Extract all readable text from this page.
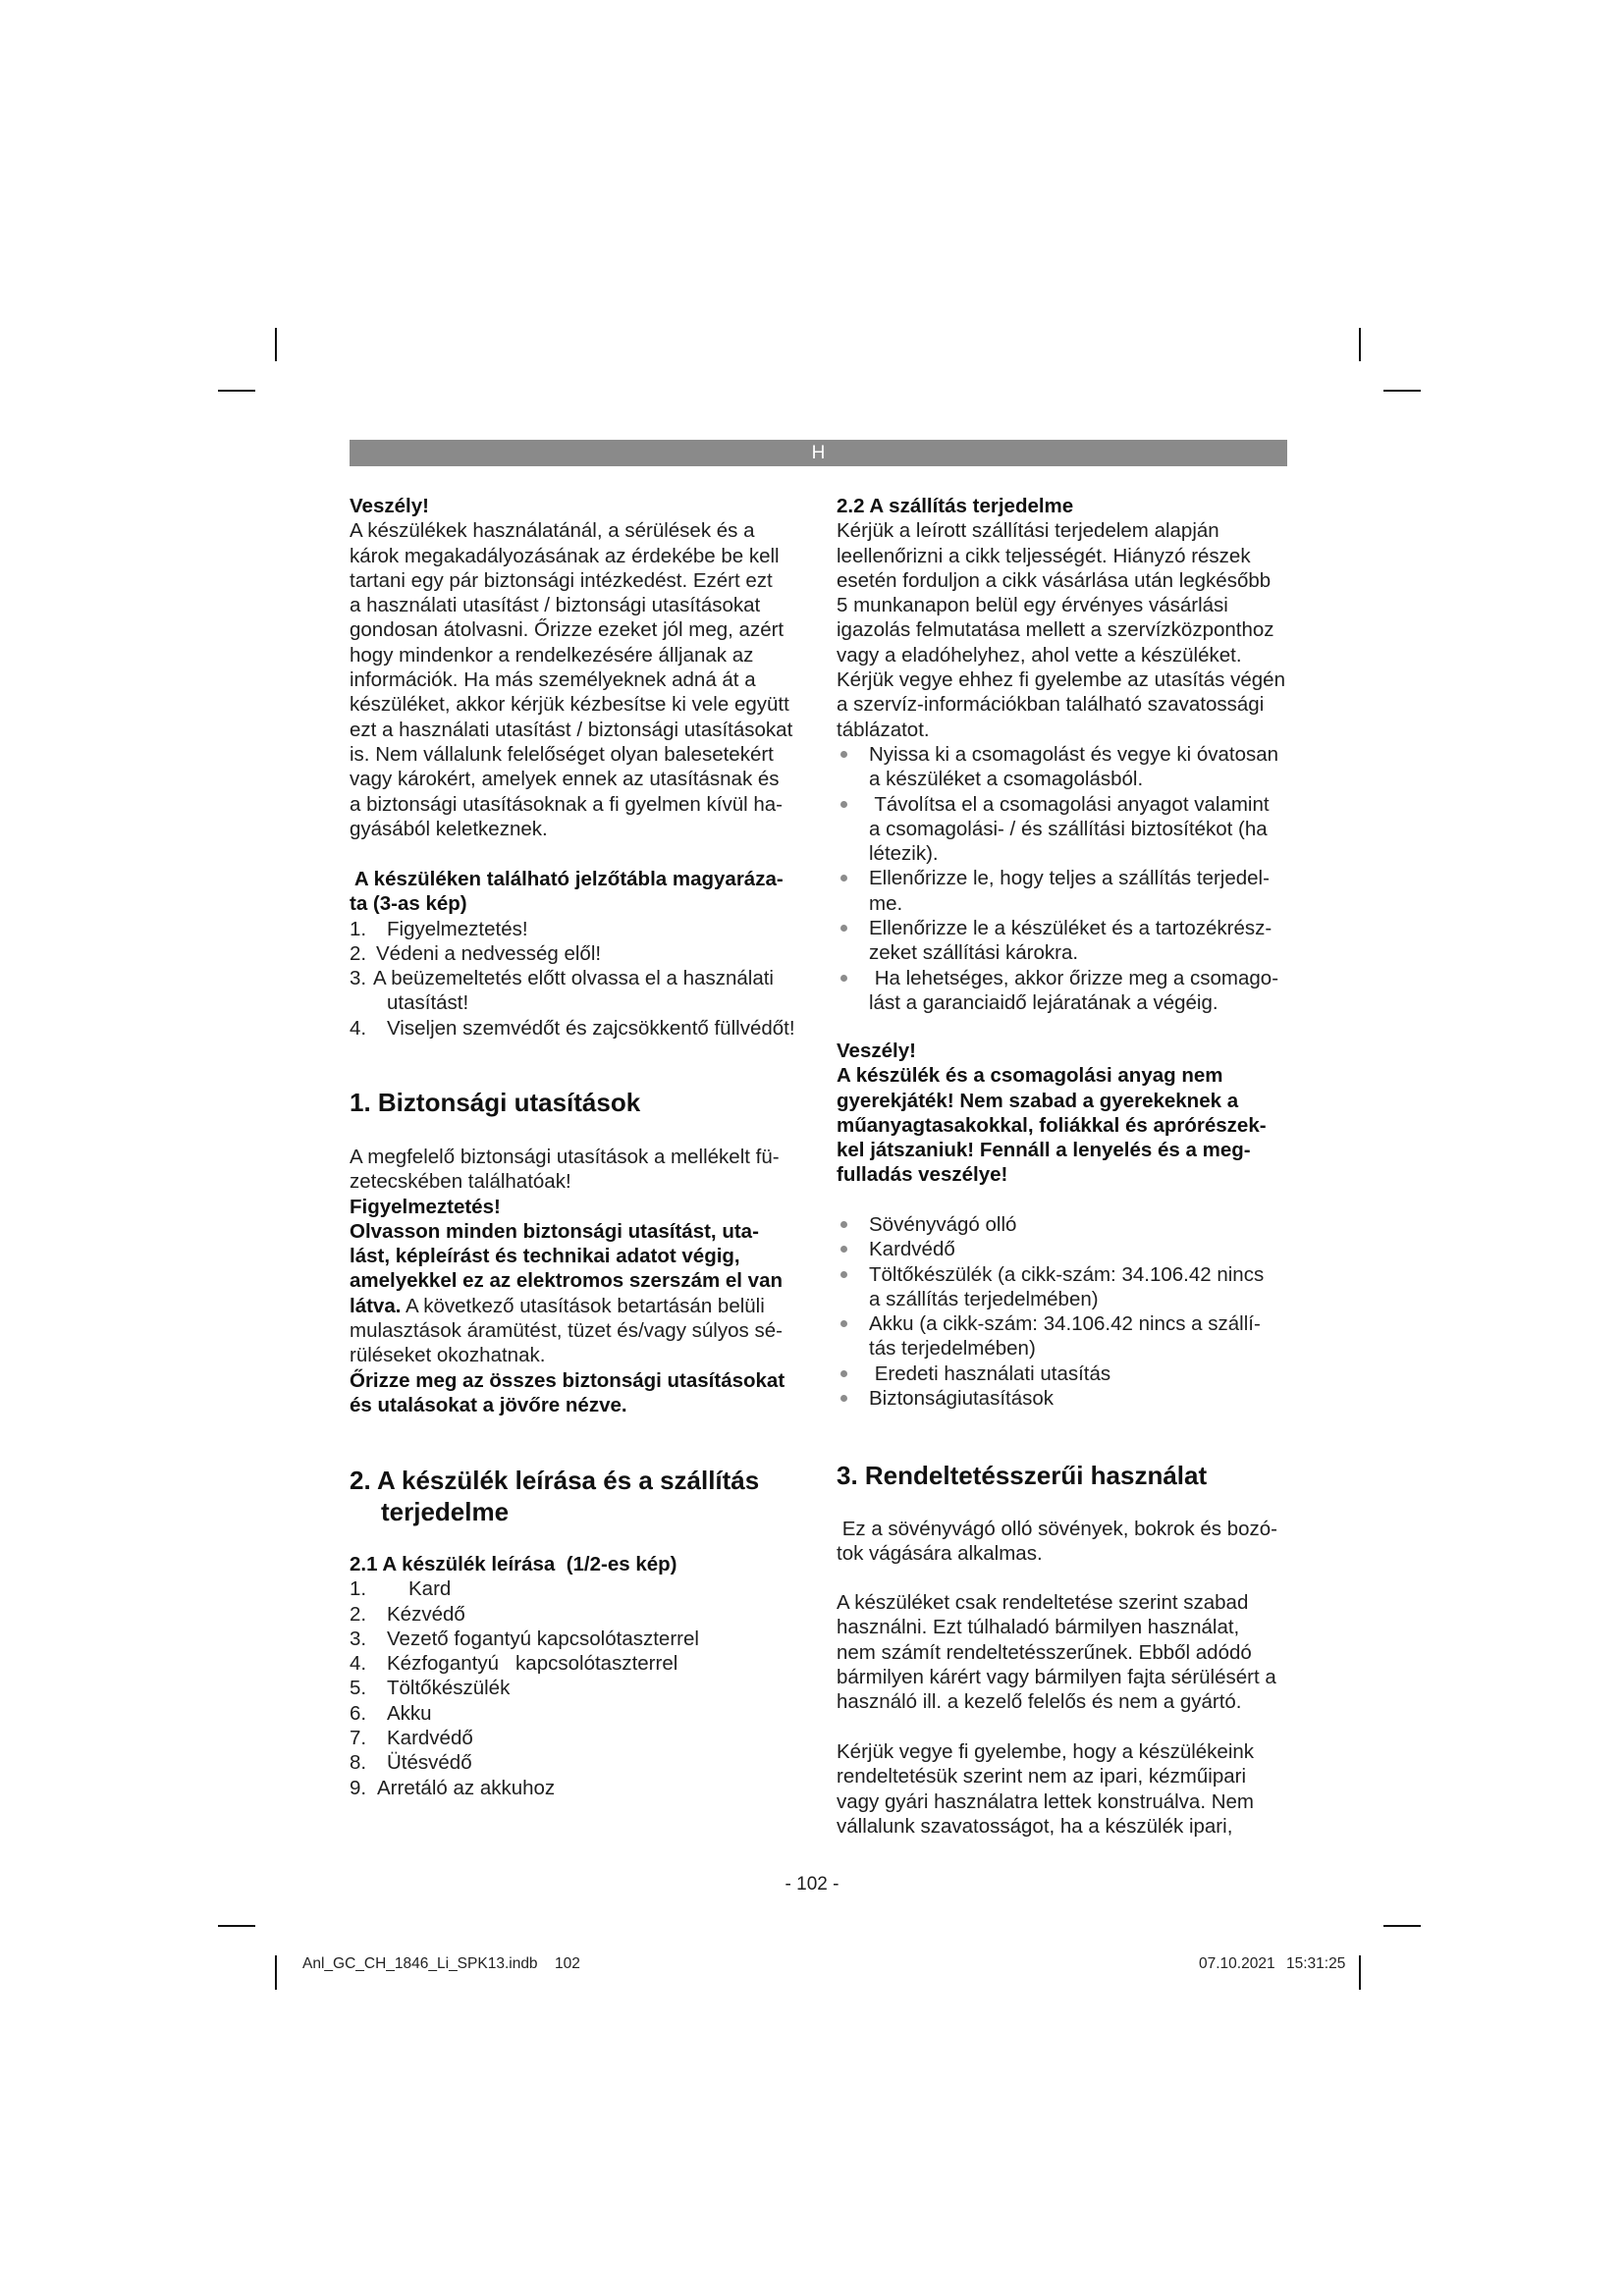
H
Veszély!
A készülékek használatánál, a sérülések és a
károk megakadályozásának az érdekébe be kell
tartani egy pár biztonsági intézkedést. Ezért ezt
a használati utasítást / biztonsági utasításokat
gondosan átolvasni. Őrizze ezeket jól meg, azért
hogy mindenkor a rendelkezésére álljanak az
információk. Ha más személyeknek adná át a
készüléket, akkor kérjük kézbesítse ki vele együtt
ezt a használati utasítást / biztonsági utasításokat
is. Nem vállalunk felelőséget olyan balesetekért
vagy károkért, amelyek ennek az utasításnak és
a biztonsági utasításoknak a fi gyelmen kívül ha-
gyásából keletkeznek.
A készüléken található jelzőtábla magyaráza-
ta (3-as kép)
1.	Figyelmeztetés!
2. Védeni a nedvesség elől!
3. A beüzemeltetés előtt olvassa el a használati
utasítást!
4.	Viseljen szemvédőt és zajcsökkentő füllvédőt!
1. Biztonsági utasítások
A megfelelő biztonsági utasítások a mellékelt fü-
zetecskében találhatóak!
Figyelmeztetés!
Olvasson minden biztonsági utasítást, uta-
lást, képleírást és technikai adatot végig,
amelyekkel ez az elektromos szerszám el van
látva. A következő utasítások betartásán belüli
mulasztások áramütést, tüzet és/vagy súlyos sé-
rüléseket okozhatnak.
Őrizze meg az összes biztonsági utasításokat
és utalásokat a jövőre nézve.
2. A készülék leírása és a szállítás
terjedelme
2.1 A készülék leírása  (1/2-es kép)
1.	Kard
2.	Kézvédő
3.	Vezető fogantyú kapcsolótaszterrel
4.	Kézfogantyú   kapcsolótaszterrel
5.	Töltőkészülék
6.	Akku
7.	Kardvédő
8.	Ütésvédő
9. Arretáló az akkuhoz
2.2 A szállítás terjedelme
Kérjük a leírott szállítási terjedelem alapján
leellenőrizni a cikk teljességét. Hiányzó részek
esetén forduljon a cikk vásárlása után legkésőbb
5 munkanapon belül egy érvényes vásárlási
igazolás felmutatása mellett a szervízközponthoz
vagy a eladóhelyhez, ahol vette a készüléket.
Kérjük vegye ehhez fi gyelembe az utasítás végén
a szervíz-információkban található szavatossági
táblázatot.
Nyissa ki a csomagolást és vegye ki óvatosan
a készüléket a csomagolásból.
Távolítsa el a csomagolási anyagot valamint
a csomagolási- / és szállítási biztosítékot (ha
létezik).
Ellenőrizze le, hogy teljes a szállítás terjedel-
me.
Ellenőrizze le a készüléket és a tartozékrész-
zeket szállítási károkra.
Ha lehetséges, akkor őrizze meg a csomago-
lást a garanciaidő lejáratának a végéig.
Veszély!
A készülék és a csomagolási anyag nem
gyerekjáték! Nem szabad a gyerekeknek a
műanyagtasakokkal, foliákkal és aprórészek-
kel játszaniuk! Fennáll a lenyelés és a meg-
fulladás veszélye!
Sövényvágó olló
Kardvédő
Töltőkészülék (a cikk-szám: 34.106.42 nincs
a szállítás terjedelmében)
Akku (a cikk-szám: 34.106.42 nincs a szállí-
tás terjedelmében)
Eredeti használati utasítás
Biztonságiutasítások
3. Rendeltetésszerűi használat
Ez a sövényvágó olló sövények, bokrok és bozó-
tok vágására alkalmas.
A készüléket csak rendeltetése szerint szabad
használni. Ezt túlhaladó bármilyen használat,
nem számít rendeltetésszerűnek. Ebből adódó
bármilyen kárért vagy bármilyen fajta sérülésért a
használó ill. a kezelő felelős és nem a gyártó.
Kérjük vegye fi gyelembe, hogy a készülékeink
rendeltetésük szerint nem az ipari, kézműipari
vagy gyári használatra lettek konstruálva. Nem
vállalunk szavatosságot, ha a készülék ipari,
- 102 -
Anl_GC_CH_1846_Li_SPK13.indb 102	07.10.2021 15:31:25
